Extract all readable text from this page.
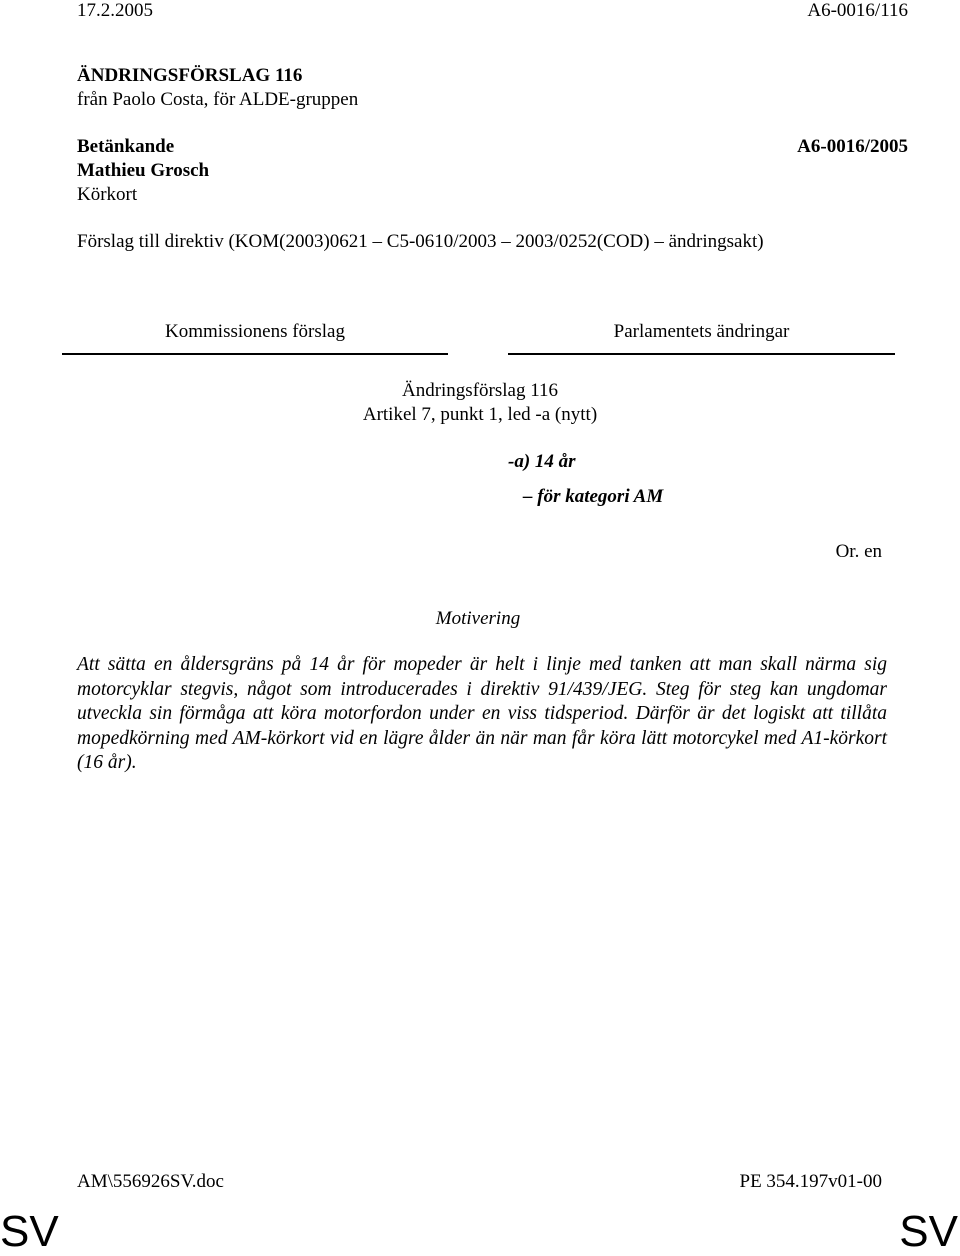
17.2.2005	A6-0016/116
ÄNDRINGSFÖRSLAG 116
från Paolo Costa, för ALDE-gruppen
Betänkande	A6-0016/2005
Mathieu Grosch
Körkort
Förslag till direktiv (KOM(2003)0621 – C5-0610/2003 – 2003/0252(COD) – ändringsakt)
Kommissionens förslag	Parlamentets ändringar
Ändringsförslag 116
Artikel 7, punkt 1, led -a (nytt)
-a) 14 år
– för kategori AM
Or. en
Motivering
Att sätta en åldersgräns på 14 år för mopeder är helt i linje med tanken att man skall närma sig motorcyklar stegvis, något som introducerades i direktiv 91/439/JEG. Steg för steg kan ungdomar utveckla sin förmåga att köra motorfordon under en viss tidsperiod. Därför är det logiskt att tillåta mopedkörning med AM-körkort vid en lägre ålder än när man får köra lätt motorcykel med A1-körkort (16 år).
AM\556926SV.doc	PE 354.197v01-00
SV	SV
